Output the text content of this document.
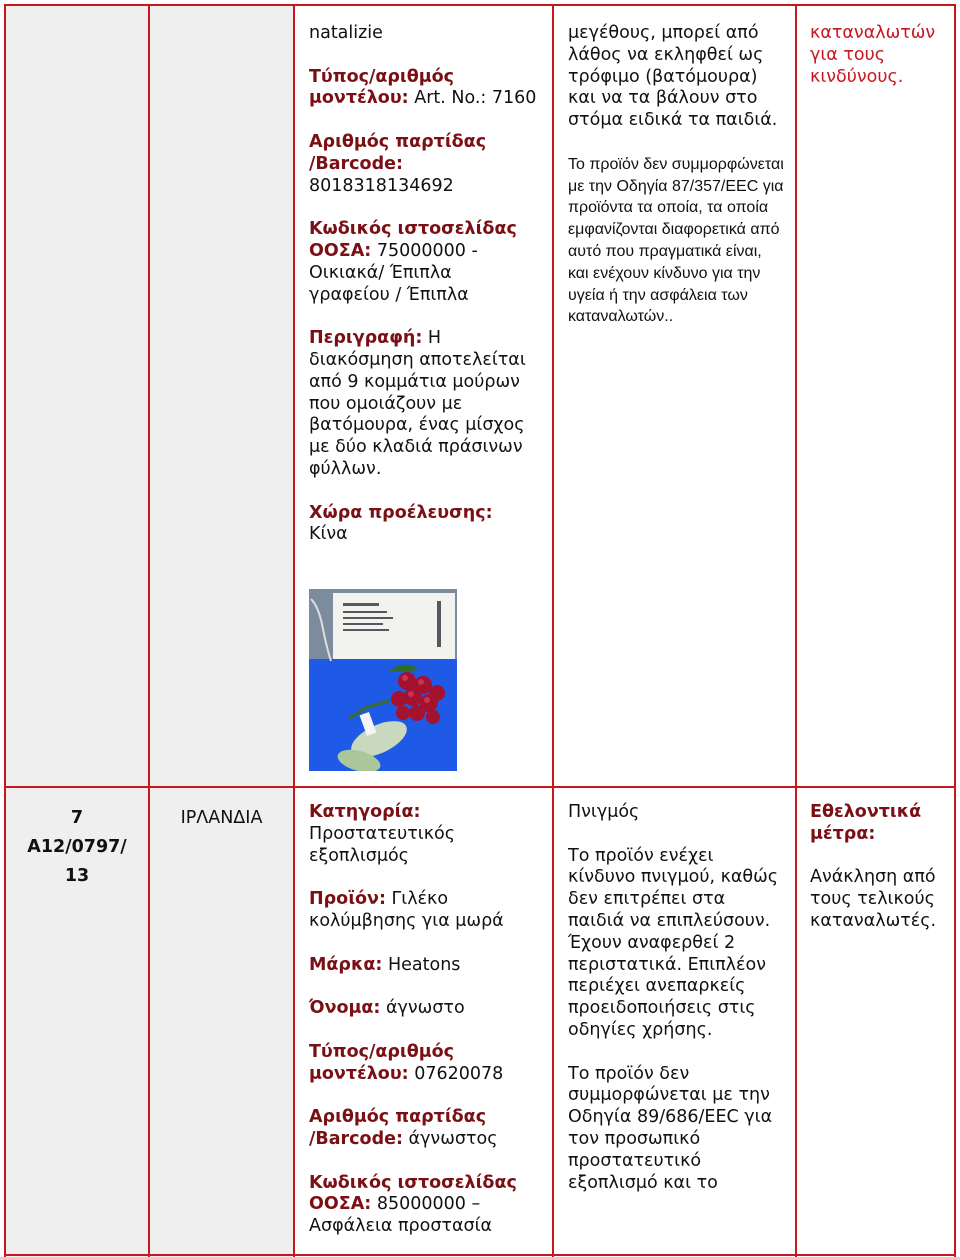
natalizie

Τύπος/αριθμός μοντέλου: Art. No.: 7160

Αριθμός παρτίδας /Barcode: 8018318134692

Κωδικός ιστοσελίδας ΟΟΣΑ: 75000000 - Οικιακά/ Έπιπλα γραφείου / Έπιπλα

Περιγραφή: Η διακόσμηση αποτελείται από 9 κομμάτια μούρων που ομοιάζουν με βατόμουρα, ένας μίσχος με δύο κλαδιά πράσινων φύλλων.

Χώρα προέλευσης:
Κίνα

μεγέθους, μπορεί από λάθος να εκληφθεί ως τρόφιμο (βατόμουρα) και να τα βάλουν στο στόμα ειδικά τα παιδιά.

Το προϊόν δεν συμμορφώνεται με την Οδηγία 87/357/EEC για προϊόντα τα οποία, τα οποία εμφανίζονται διαφορετικά από αυτό που πραγματικά είναι, και ενέχουν κίνδυνο για την υγεία ή την ασφάλεια των καταναλωτών..

καταναλωτών για τους κινδύνους.

7
A12/0797/
13
ΙΡΛΑΝΔΙΑ	Κατηγορία:
Προστατευτικός εξοπλισμός

Προϊόν: Γιλέκο κολύμβησης για μωρά

Μάρκα: Heatons

Όνομα: άγνωστο

Τύπος/αριθμός μοντέλου: 07620078

Αριθμός παρτίδας /Barcode: άγνωστος

Κωδικός ιστοσελίδας ΟΟΣΑ: 85000000 – Ασφάλεια προστασία

Πνιγμός

Το προϊόν ενέχει κίνδυνο πνιγμού, καθώς δεν επιτρέπει στα παιδιά να επιπλεύσουν. Έχουν αναφερθεί 2 περιστατικά. Επιπλέον περιέχει ανεπαρκείς προειδοποιήσεις στις οδηγίες χρήσης.

Το προϊόν δεν συμμορφώνεται με την Οδηγία 89/686/EEC για τον προσωπικό προστατευτικό εξοπλισμό και το

Εθελοντικά μέτρα:

Ανάκληση από τους τελικούς καταναλωτές.
